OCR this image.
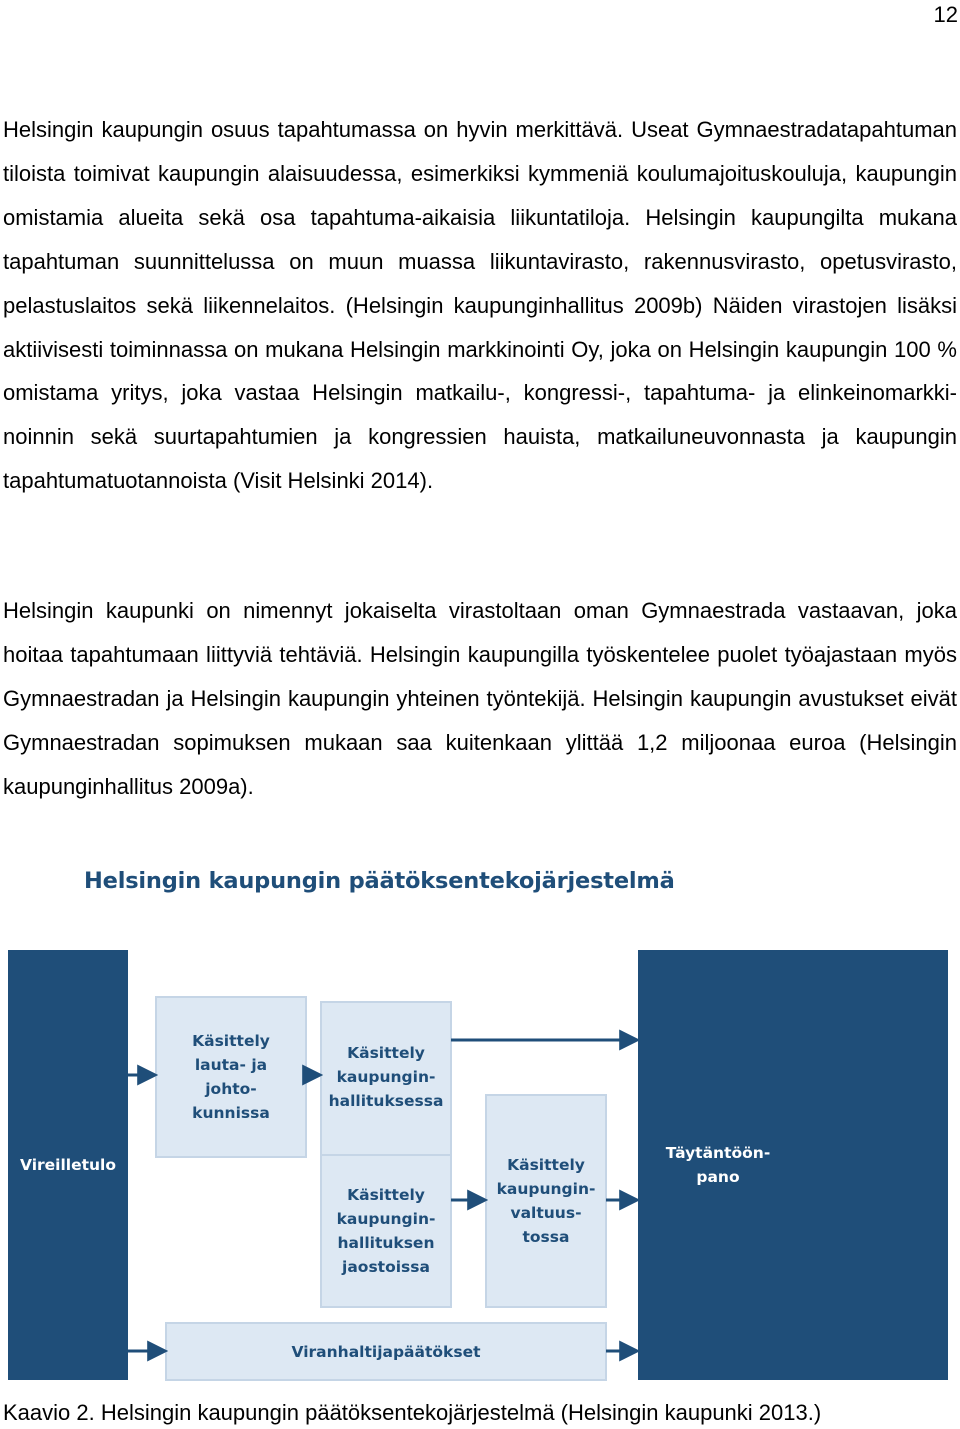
12

Helsingin kaupungin osuus tapahtumassa on hyvin merkittävä. Useat Gymnaestradatapahtuman tiloista toimivat kaupungin alaisuudessa, esimerkiksi kymmeniä koulumajoituskouluja, kaupungin omistamia alueita sekä osa tapahtuma-aikaisia liikuntatiloja. Helsingin kaupungilta mukana tapahtuman suunnittelussa on muun muassa liikuntavirasto, rakennusvirasto, opetusvirasto, pelastuslaitos sekä liikennelaitos. (Helsingin kaupunginhallitus 2009b) Näiden virastojen lisäksi aktiivisesti toiminnassa on mukana Helsingin markkinointi Oy, joka on Helsingin kaupungin 100 % omistama yritys, joka vastaa Helsingin matkailu-, kongressi-, tapahtuma- ja elinkeinomarkkinoinnin sekä suurtapahtumien ja kongressien hauista, matkailuneuvonnasta ja kaupungin tapahtumatuotannoista (Visit Helsinki 2014).

Helsingin kaupunki on nimennyt jokaiselta virastoltaan oman Gymnaestrada vastaavan, joka hoitaa tapahtumaan liittyviä tehtäviä. Helsingin kaupungilla työskentelee puolet työajastaan myös Gymnaestradan ja Helsingin kaupungin yhteinen työntekijä. Helsingin kaupungin avustukset eivät Gymnaestradan sopimuksen mukaan saa kuitenkaan ylittää 1,2 miljoonaa euroa (Helsingin kaupunginhallitus 2009a).

Helsingin kaupungin päätöksentekojärjestelmä
Vireilletulo
Täytäntöön-
pano
Käsittely
lauta- ja
johto-
kunnissa
Käsittely
kaupungin-
hallituksessa
Käsittely
kaupungin-
hallituksen
jaostoissa
Käsittely
kaupungin-
valtuus-
tossa
Viranhaltijapäätökset
Kaavio 2. Helsingin kaupungin päätöksentekojärjestelmä (Helsingin kaupunki 2013.)
